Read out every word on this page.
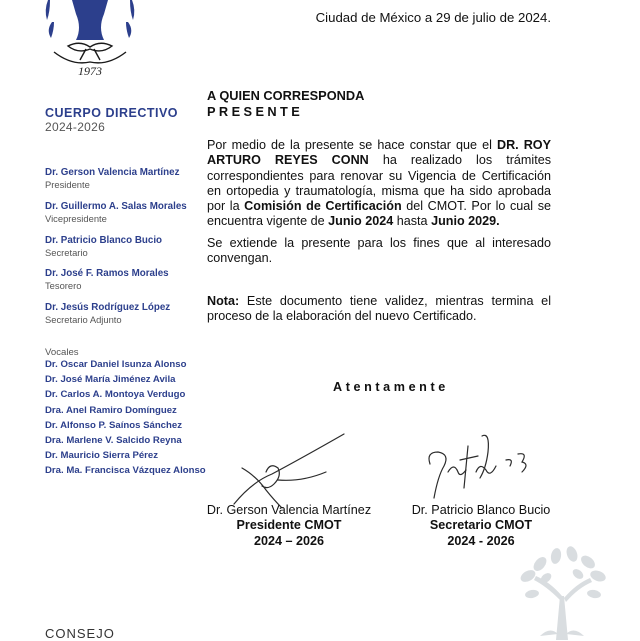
1973
CUERPO DIRECTIVO
2024-2026
Dr. Gerson Valencia Martínez
Presidente
Dr. Guillermo A. Salas Morales
Vicepresidente
Dr. Patricio Blanco Bucio
Secretario
Dr. José F. Ramos Morales
Tesorero
Dr. Jesús Rodríguez López
Secretario Adjunto
Vocales
Dr. Oscar Daniel Isunza Alonso
Dr. José María Jiménez Avila
Dr. Carlos A. Montoya Verdugo
Dra. Anel Ramiro Domínguez
Dr. Alfonso P. Saínos Sánchez
Dra. Marlene V. Salcido Reyna
Dr. Mauricio Sierra Pérez
Dra. Ma. Francisca Vázquez Alonso
CONSEJO
Ciudad de México a 29 de julio de 2024.
A QUIEN CORRESPONDA
PRESENTE

Por medio de la presente se hace constar que el DR. ROY ARTURO REYES CONN ha realizado los trámites correspondientes para renovar su Vigencia de Certificación en ortopedia y traumatología, misma que ha sido aprobada por la Comisión de Certificación del CMOT. Por lo cual se encuentra vigente de Junio 2024 hasta Junio 2029.

Se extiende la presente para los fines que al interesado convengan.

Nota: Este documento tiene validez, mientras termina el proceso de la elaboración del nuevo Certificado.

Atentamente
Dr. Gerson Valencia Martínez
Presidente CMOT
2024 – 2026
Dr. Patricio Blanco Bucio
Secretario CMOT
2024 - 2026
